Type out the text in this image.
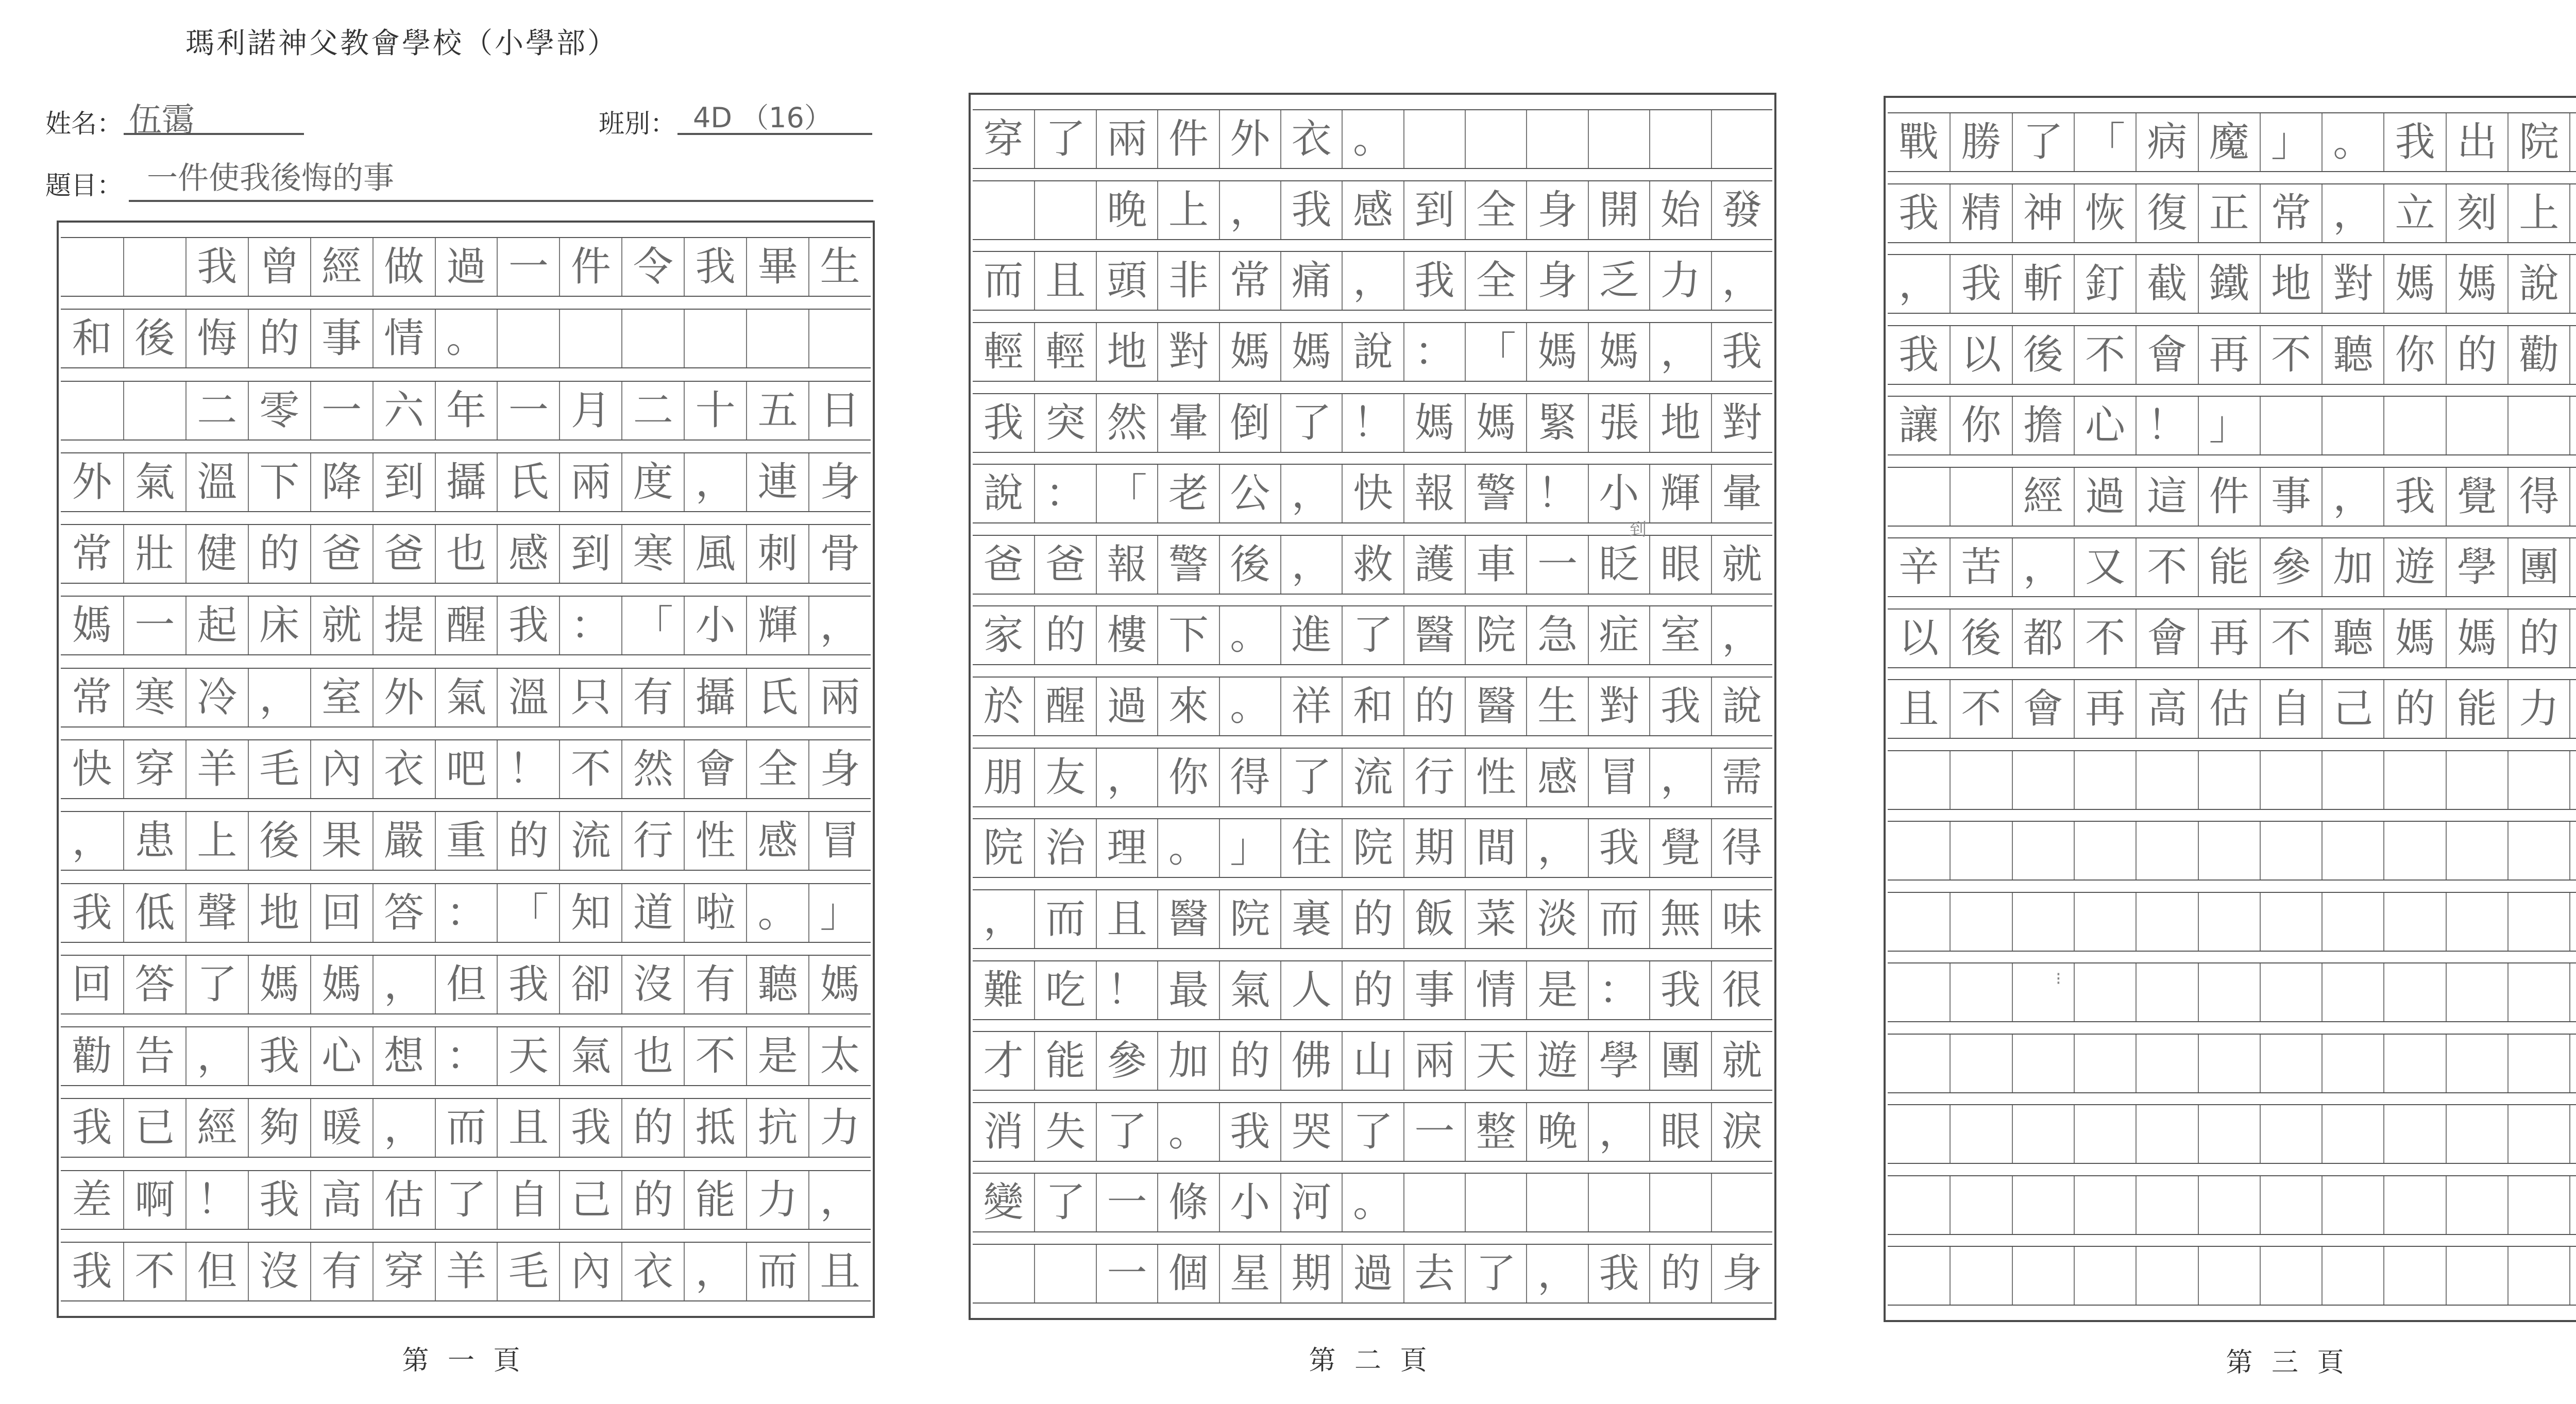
瑪利諾神父教會學校（小學部）
姓名： 伍霭	班別： 4D （16）
題目： 一件使我後悔的事
我 曾 經 做 過 一 件 令 我 畢 生
和 後 悔 的 事 情 。
二 零 一 六 年 一 月 二 十 五 日
外 氣 溫 下 降 到 攝 氏 兩 度 ， 連 身
常 壯 健 的 爸 爸 也 感 到 寒 風 刺 骨
媽 一 起 床 就 提 醒 我 ： 「 小 輝 ，
常 寒 冷 ， 室 外 氣 溫 只 有 攝 氏 兩
快 穿 羊 毛 內 衣 吧 ！ 不 然 會 全 身
， 患 上 後 果 嚴 重 的 流 行 性 感 冒
我 低 聲 地 回 答 ： 「 知 道 啦 。 」
回 答 了 媽 媽 ， 但 我 卻 沒 有 聽 媽
勸 告 ， 我 心 想 ： 天 氣 也 不 是 太
我 已 經 夠 暖 ， 而 且 我 的 抵 抗 力
差 啊 ！ 我 高 估 了 自 己 的 能 力 ，
我 不 但 沒 有 穿 羊 毛 內 衣 ， 而 且
第 一 頁
穿 了 兩 件 外 衣 。
晚 上 ， 我 感 到 全 身 開 始 發
而 且 頭 非 常 痛 ， 我 全 身 乏 力 ，
輕 輕 地 對 媽 媽 說 ： 「 媽 媽 ， 我
我 突 然 暈 倒 了 ！ 媽 媽 緊 張 地 對
說 ： 「 老 公 ， 快 報 警 ！ 小 輝 暈
爸 爸 報 警 後 ， 救 護 車 一 眨 眼 就
家 的 樓 下 。 進 了 醫 院 急 症 室 ，
於 醒 過 來 。 祥 和 的 醫 生 對 我 說
朋 友 ， 你 得 了 流 行 性 感 冒 ， 需
院 治 理 。 」 住 院 期 間 ， 我 覺 得
， 而 且 醫 院 裏 的 飯 菜 淡 而 無 味
難 吃 ！ 最 氣 人 的 事 情 是 ： 我 很
才 能 參 加 的 佛 山 兩 天 遊 學 團 就
消 失 了 。 我 哭 了 一 整 晚 ， 眼 淚
變 了 一 條 小 河 。
一 個 星 期 過 去 了 ， 我 的 身
第 二 頁
戰 勝 了 「 病 魔 」 。 我 出 院
我 精 神 恢 復 正 常 ， 立 刻 上
， 我 斬 釘 截 鐵 地 對 媽 媽 說
我 以 後 不 會 再 不 聽 你 的 勸
讓 你 擔 心 ！ 」
經 過 這 件 事 ， 我 覺 得
辛 苦 ， 又 不 能 參 加 遊 學 團
以 後 都 不 會 再 不 聽 媽 媽 的
且 不 會 再 高 估 自 己 的 能 力
第 三 頁
到
⁝
